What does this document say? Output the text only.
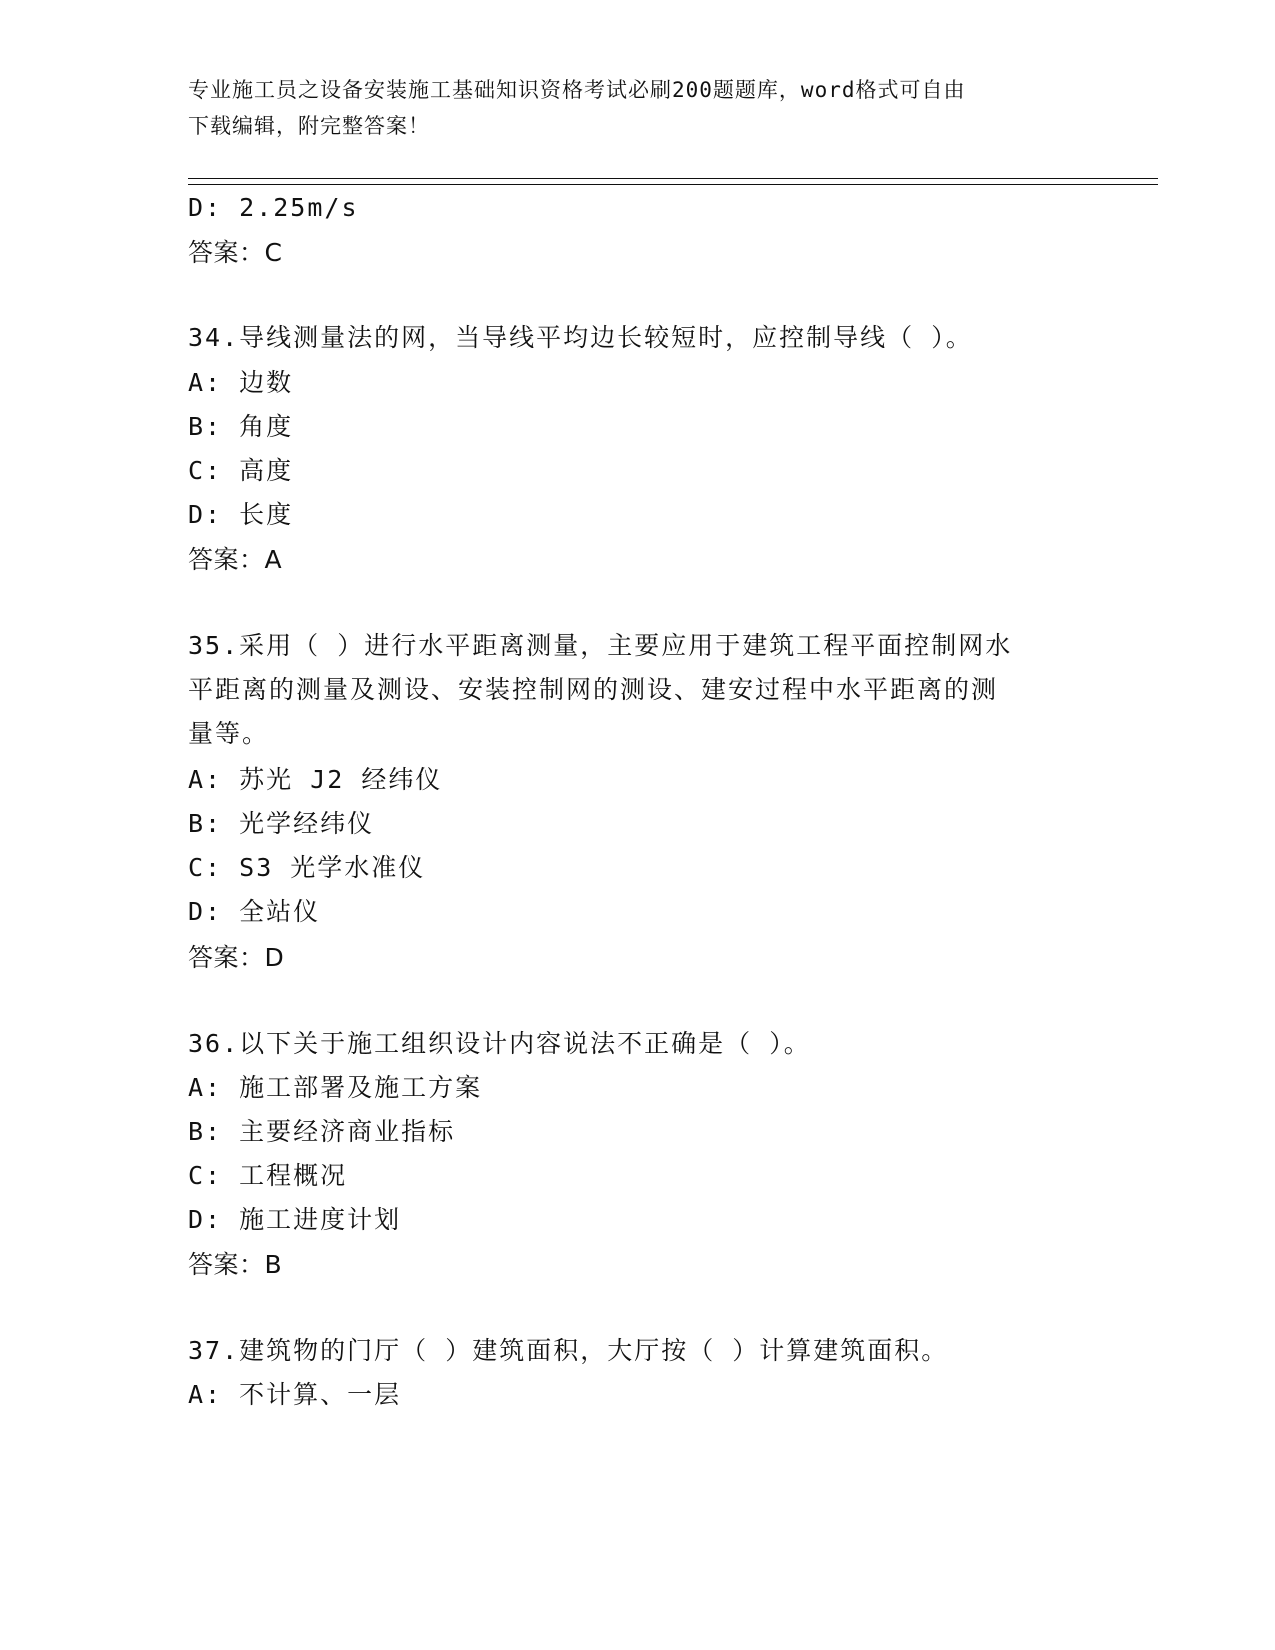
专业施工员之设备安装施工基础知识资格考试必刷200题题库，word格式可自由
下载编辑，附完整答案！
D: 2.25m/s
答案：C
34.导线测量法的网，当导线平均边长较短时，应控制导线（ ）。
A: 边数
B: 角度
C: 高度
D: 长度
答案：A
35.采用（ ）进行水平距离测量，主要应用于建筑工程平面控制网水
平距离的测量及测设、安装控制网的测设、建安过程中水平距离的测
量等。
A: 苏光 J2 经纬仪
B: 光学经纬仪
C: S3 光学水准仪
D: 全站仪
答案：D
36.以下关于施工组织设计内容说法不正确是（ ）。
A: 施工部署及施工方案
B: 主要经济商业指标
C: 工程概况
D: 施工进度计划
答案：B
37.建筑物的门厅（ ）建筑面积，大厅按（ ）计算建筑面积。
A: 不计算、一层
